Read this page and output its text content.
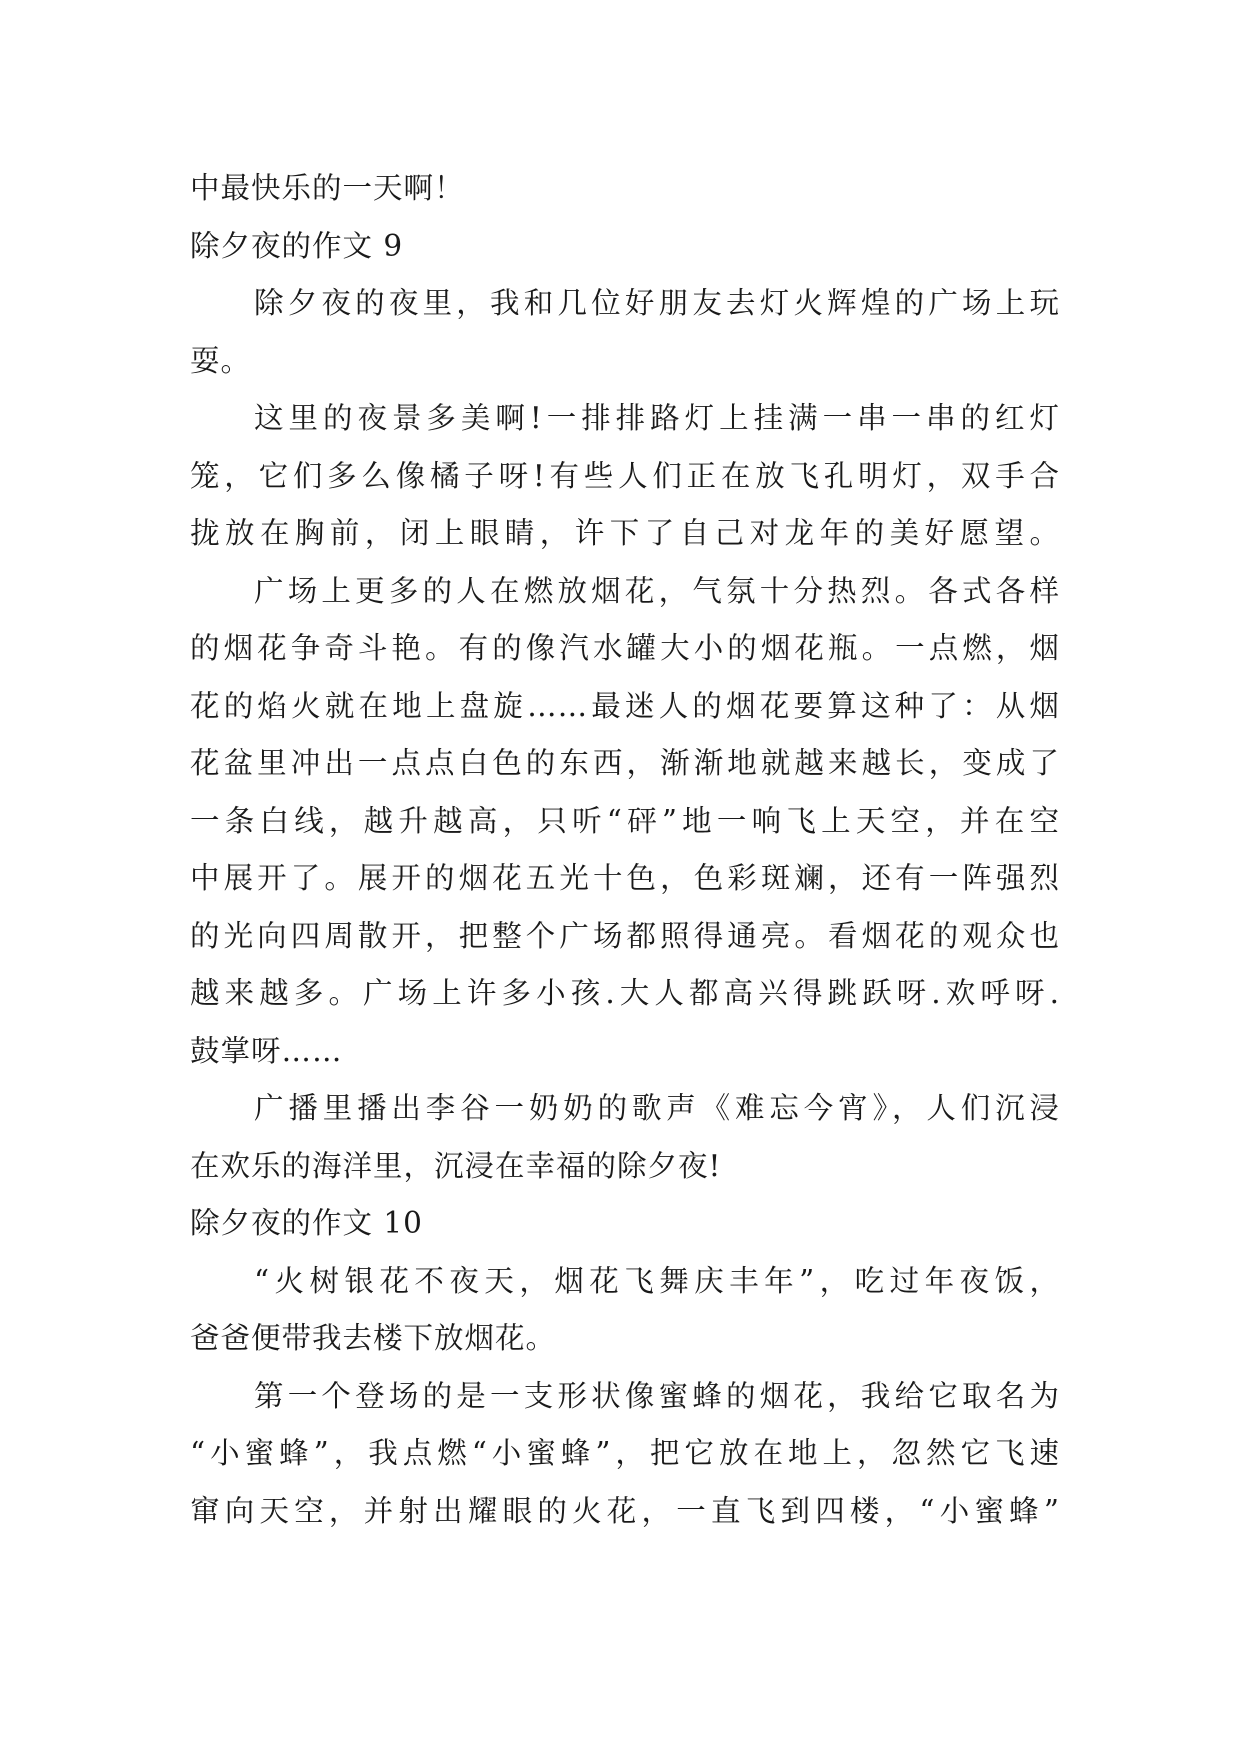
中最快乐的一天啊！
除夕夜的作文 9
除夕夜的夜里，我和几位好朋友去灯火辉煌的广场上玩
耍。
这里的夜景多美啊!一排排路灯上挂满一串一串的红灯
笼，它们多么像橘子呀!有些人们正在放飞孔明灯，双手合
拢放在胸前，闭上眼睛，许下了自己对龙年的美好愿望。
广场上更多的人在燃放烟花，气氛十分热烈。各式各样
的烟花争奇斗艳。有的像汽水罐大小的烟花瓶。一点燃，烟
花的焰火就在地上盘旋……最迷人的烟花要算这种了：从烟
花盆里冲出一点点白色的东西，渐渐地就越来越长，变成了
一条白线，越升越高，只听“砰”地一响飞上天空，并在空
中展开了。展开的烟花五光十色，色彩斑斓，还有一阵强烈
的光向四周散开，把整个广场都照得通亮。看烟花的观众也
越来越多。广场上许多小孩.大人都高兴得跳跃呀.欢呼呀.
鼓掌呀……
广播里播出李谷一奶奶的歌声《难忘今宵》，人们沉浸
在欢乐的海洋里，沉浸在幸福的除夕夜!
除夕夜的作文 10
“火树银花不夜天，烟花飞舞庆丰年”，吃过年夜饭，
爸爸便带我去楼下放烟花。
第一个登场的是一支形状像蜜蜂的烟花，我给它取名为
“小蜜蜂”，我点燃“小蜜蜂”，把它放在地上，忽然它飞速
窜向天空，并射出耀眼的火花，一直飞到四楼，“小蜜蜂”
